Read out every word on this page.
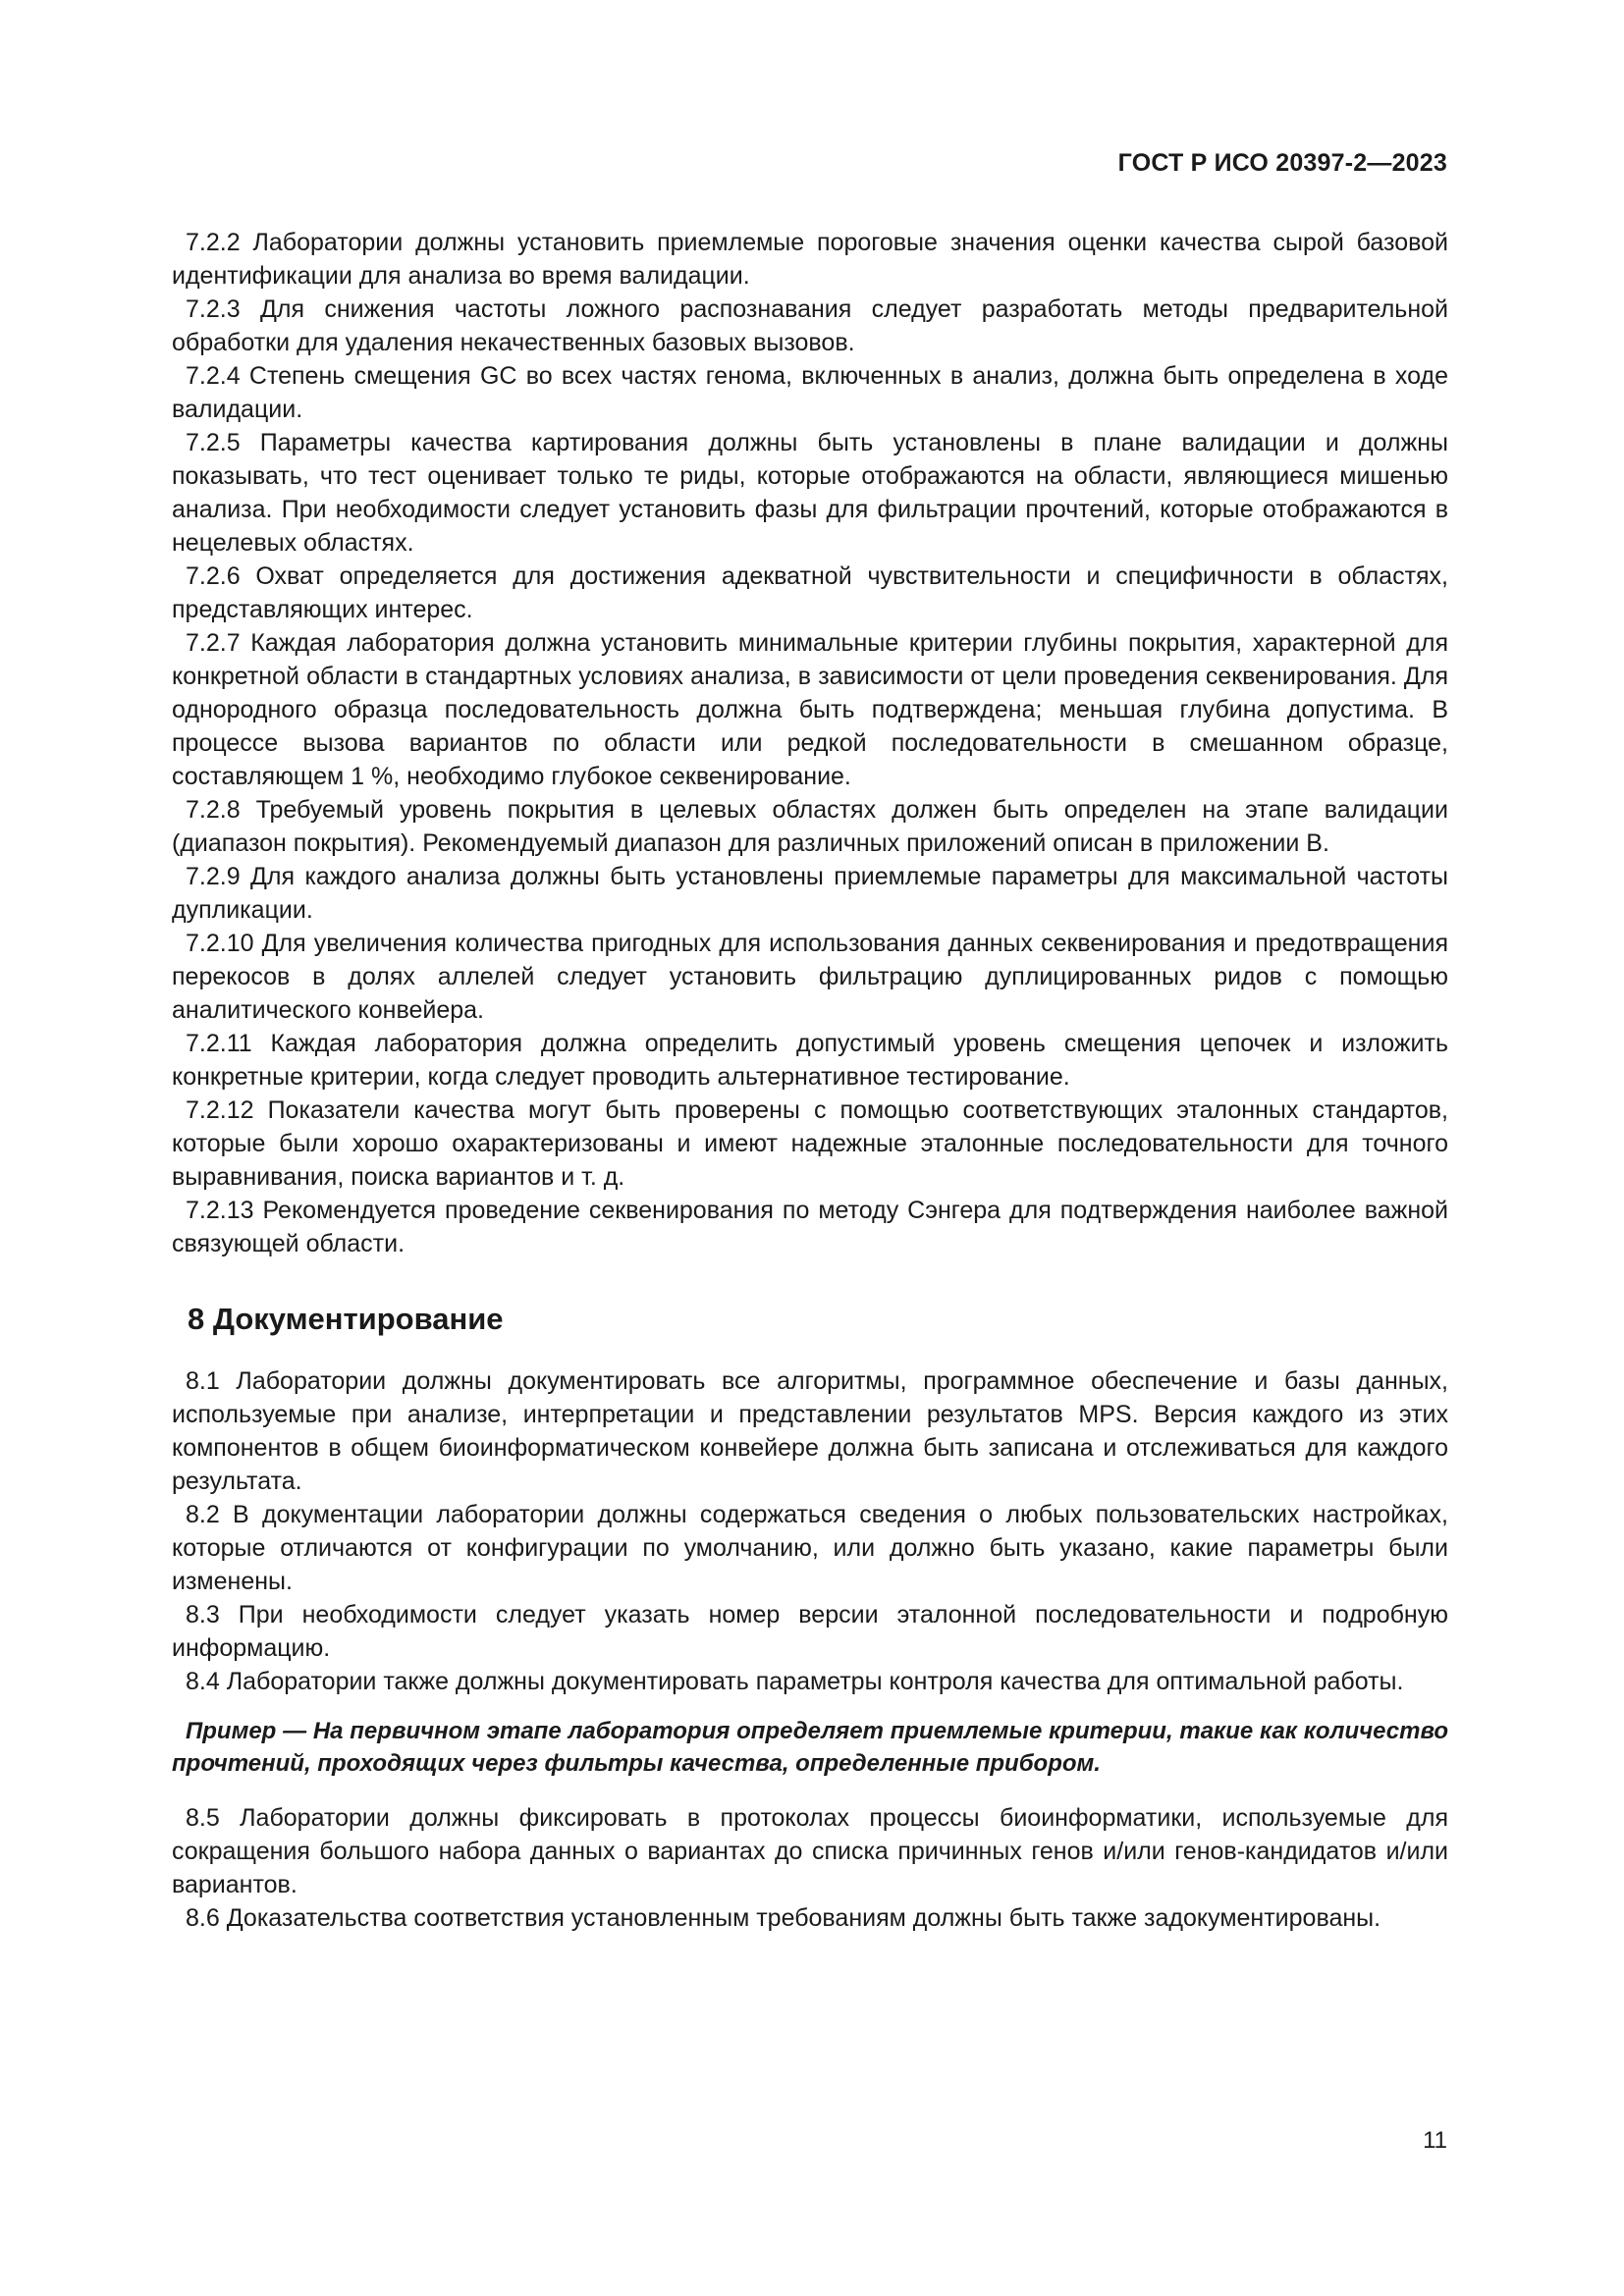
ГОСТ Р ИСО 20397-2—2023

7.2.2 Лаборатории должны установить приемлемые пороговые значения оценки качества сырой базовой идентификации для анализа во время валидации.

7.2.3 Для снижения частоты ложного распознавания следует разработать методы предварительной обработки для удаления некачественных базовых вызовов.

7.2.4 Степень смещения GC во всех частях генома, включенных в анализ, должна быть определена в ходе валидации.

7.2.5 Параметры качества картирования должны быть установлены в плане валидации и должны показывать, что тест оценивает только те риды, которые отображаются на области, являющиеся мишенью анализа. При необходимости следует установить фазы для фильтрации прочтений, которые отображаются в нецелевых областях.

7.2.6 Охват определяется для достижения адекватной чувствительности и специфичности в областях, представляющих интерес.

7.2.7 Каждая лаборатория должна установить минимальные критерии глубины покрытия, характерной для конкретной области в стандартных условиях анализа, в зависимости от цели проведения секвенирования. Для однородного образца последовательность должна быть подтверждена; меньшая глубина допустима. В процессе вызова вариантов по области или редкой последовательности в смешанном образце, составляющем 1 %, необходимо глубокое секвенирование.

7.2.8 Требуемый уровень покрытия в целевых областях должен быть определен на этапе валидации (диапазон покрытия). Рекомендуемый диапазон для различных приложений описан в приложении В.

7.2.9 Для каждого анализа должны быть установлены приемлемые параметры для максимальной частоты дупликации.

7.2.10 Для увеличения количества пригодных для использования данных секвенирования и предотвращения перекосов в долях аллелей следует установить фильтрацию дуплицированных ридов с помощью аналитического конвейера.

7.2.11 Каждая лаборатория должна определить допустимый уровень смещения цепочек и изложить конкретные критерии, когда следует проводить альтернативное тестирование.

7.2.12 Показатели качества могут быть проверены с помощью соответствующих эталонных стандартов, которые были хорошо охарактеризованы и имеют надежные эталонные последовательности для точного выравнивания, поиска вариантов и т. д.

7.2.13 Рекомендуется проведение секвенирования по методу Сэнгера для подтверждения наиболее важной связующей области.

8 Документирование

8.1 Лаборатории должны документировать все алгоритмы, программное обеспечение и базы данных, используемые при анализе, интерпретации и представлении результатов MPS. Версия каждого из этих компонентов в общем биоинформатическом конвейере должна быть записана и отслеживаться для каждого результата.

8.2 В документации лаборатории должны содержаться сведения о любых пользовательских настройках, которые отличаются от конфигурации по умолчанию, или должно быть указано, какие параметры были изменены.

8.3 При необходимости следует указать номер версии эталонной последовательности и подробную информацию.

8.4 Лаборатории также должны документировать параметры контроля качества для оптимальной работы.

Пример — На первичном этапе лаборатория определяет приемлемые критерии, такие как количество прочтений, проходящих через фильтры качества, определенные прибором.

8.5 Лаборатории должны фиксировать в протоколах процессы биоинформатики, используемые для сокращения большого набора данных о вариантах до списка причинных генов и/или генов-кандидатов и/или вариантов.

8.6 Доказательства соответствия установленным требованиям должны быть также задокументированы.

11
